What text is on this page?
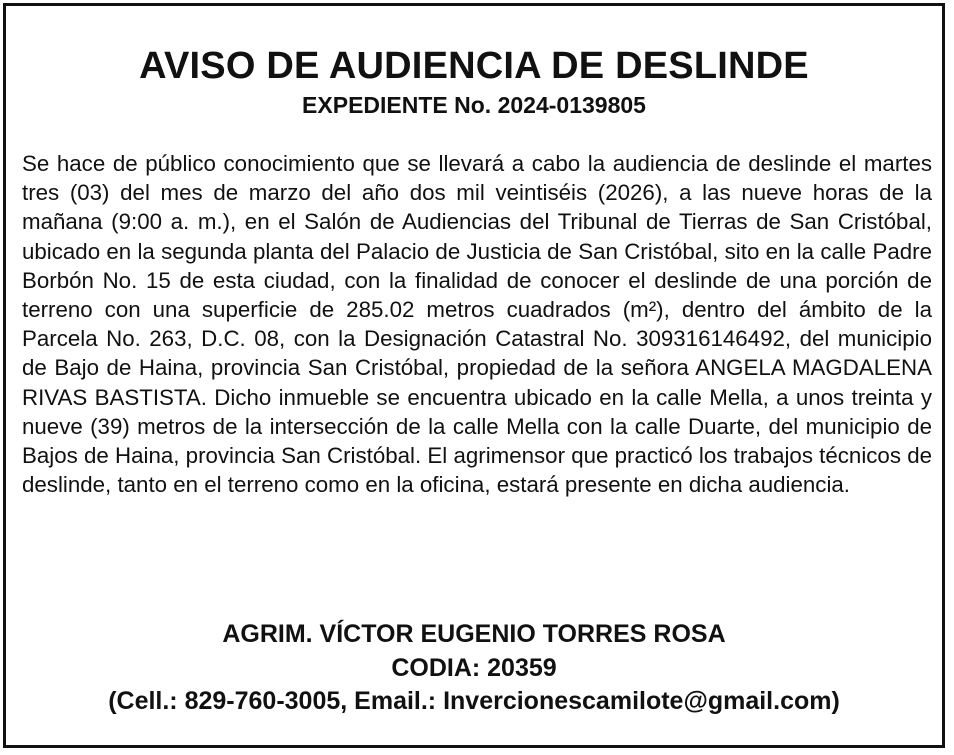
AVISO DE AUDIENCIA DE DESLINDE
EXPEDIENTE No. 2024-0139805

Se hace de público conocimiento que se llevará a cabo la audiencia de deslinde el martes tres (03) del mes de marzo del año dos mil veintiséis (2026), a las nueve horas de la mañana (9:00 a. m.), en el Salón de Audiencias del Tribunal de Tierras de San Cristóbal, ubicado en la segunda planta del Palacio de Justicia de San Cristóbal, sito en la calle Padre Borbón No. 15 de esta ciudad, con la finalidad de conocer el deslinde de una porción de terreno con una superficie de 285.02 metros cuadrados (m²), dentro del ámbito de la Parcela No. 263, D.C. 08, con la Designación Catastral No. 309316146492, del municipio de Bajo de Haina, provincia San Cristóbal, propiedad de la señora ANGELA MAGDALENA RIVAS BASTISTA. Dicho inmueble se encuentra ubicado en la calle Mella, a unos treinta y nueve (39) metros de la intersección de la calle Mella con la calle Duarte, del municipio de Bajos de Haina, provincia San Cristóbal. El agrimensor que practicó los trabajos técnicos de deslinde, tanto en el terreno como en la oficina, estará presente en dicha audiencia.

AGRIM. VÍCTOR EUGENIO TORRES ROSA

CODIA: 20359

(Cell.: 829-760-3005, Email.: Invercionescamilote@gmail.com)
